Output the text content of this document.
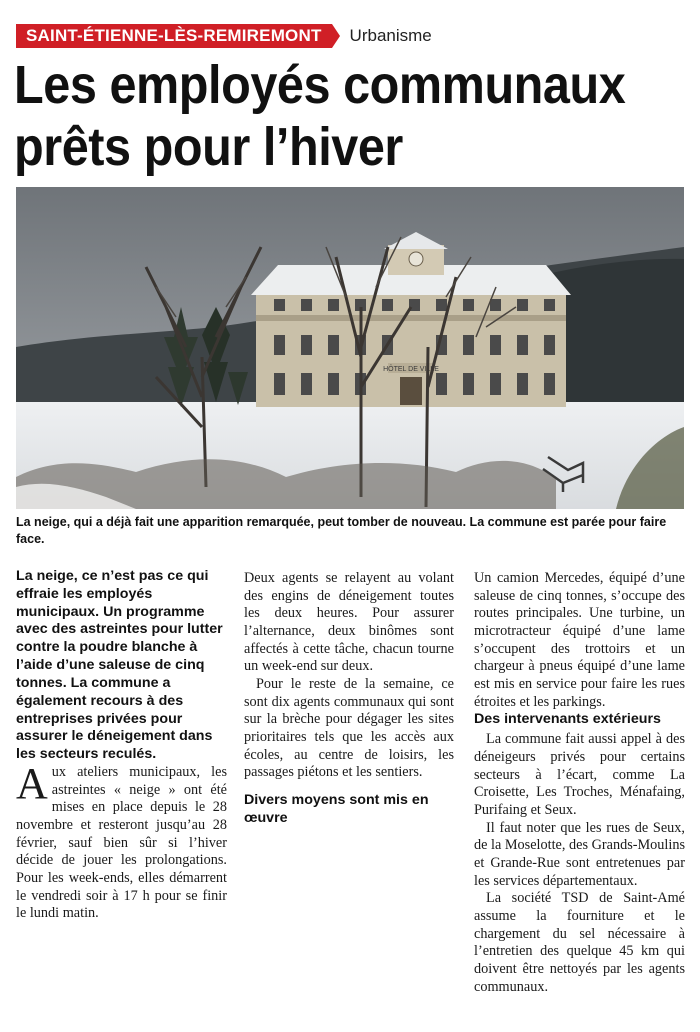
SAINT-ÉTIENNE-LÈS-REMIREMONT	Urbanisme
Les employés communaux
prêts pour l’hiver
HÔTEL DE VILLE
La neige, qui a déjà fait une apparition remarquée, peut tomber de nouveau. La commune est parée pour faire face.

La neige, ce n’est pas ce qui effraie les employés municipaux. Un programme avec des astreintes pour lutter contre la poudre blanche à l’aide d’une saleuse de cinq tonnes. La commune a également recours à des entreprises privées pour assurer le déneigement dans les secteurs reculés.

Aux ateliers municipaux, les astreintes « neige » ont été mises en place depuis le 28 novembre et resteront jusqu’au 28 février, sauf bien sûr si l’hiver décide de jouer les prolongations. Pour les week-ends, elles démarrent le vendredi soir à 17 h pour se finir le lundi matin.

Deux agents se relayent au volant des engins de déneigement toutes les deux heures. Pour assurer l’alternance, deux binômes sont affectés à cette tâche, chacun tourne un week-end sur deux.

Pour le reste de la semaine, ce sont dix agents communaux qui sont sur la brèche pour dégager les sites prioritaires tels que les accès aux écoles, au centre de loisirs, les passages piétons et les sentiers.

Divers moyens sont mis en œuvre

Un camion Mercedes, équipé d’une saleuse de cinq tonnes, s’occupe des routes principales. Une turbine, un microtracteur équipé d’une lame s’occupent des trottoirs et un chargeur à pneus équipé d’une lame est mis en service pour faire les rues étroites et les parkings.

Des intervenants extérieurs

La commune fait aussi appel à des déneigeurs privés pour certains secteurs à l’écart, comme La Croisette, Les Troches, Ménafaing, Purifaing et Seux.

Il faut noter que les rues de Seux, de la Moselotte, des Grands-Moulins et Grande-Rue sont entretenues par les services départementaux.

La société TSD de Saint-Amé assume la fourniture et le chargement du sel nécessaire à l’entretien des quelque 45 km qui doivent être nettoyés par les agents communaux.
